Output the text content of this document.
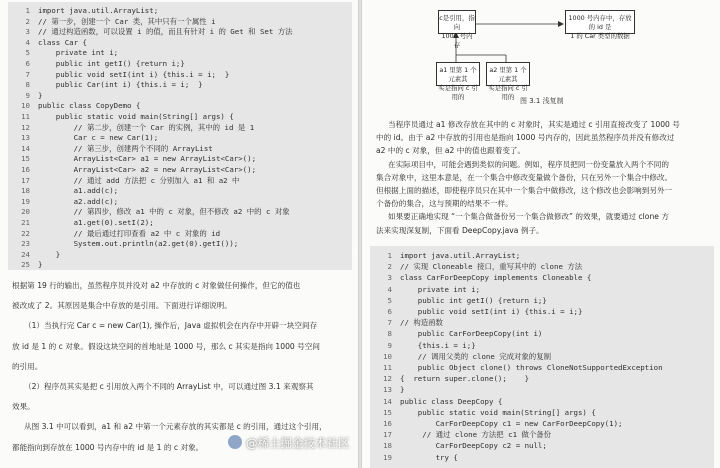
1 import java.util.ArrayList;
2 // 第一步，创建一个 Car 类，其中只有一个属性 i
3 // 通过构造函数，可以设置 i 的值，而且有针对 i 的 Get 和 Set 方法
4 class Car {
5    private int i;
6    public int getI() {return i;}
7    public void setI(int i) {this.i = i;  }
8    public Car(int i) {this.i = i;  }
9 }
10 public class CopyDemo {
11    public static void main(String[] args) {
12        // 第二步，创建一个 Car 的实例，其中的 id 是 1
13        Car c = new Car(1);
14        // 第三步，创建两个不同的 ArrayList
15        ArrayList<Car> a1 = new ArrayList<Car>();
16        ArrayList<Car> a2 = new ArrayList<Car>();
17        // 通过 add 方法把 c 分别加入 a1 和 a2 中
18        a1.add(c);
19        a2.add(c);
20        // 第四步，修改 a1 中的 c 对象，但不修改 a2 中的 c 对象
21        a1.get(0).setI(2);
22        // 最后通过打印查看 a2 中 c 对象的 id
23        System.out.println(a2.get(0).getI());
24    }
25 }
根据第 19 行的输出，虽然程序员并没对 a2 中存放的 c 对象做任何操作，但它的值也
被改成了 2。其原因是集合中存放的是引用。下面进行详细说明。
（1）当执行完 Car c = new Car(1), 操作后，Java 虚拟机会在内存中开辟一块空间存
放 id 是 1 的 c 对象。假设这块空间的首地址是 1000 号，那么 c 其实是指向 1000 号空间
的引用。
（2）程序员其实是把 c 引用放入两个不同的 ArrayList 中，可以通过图 3.1 来观察其
效果。
从图 3.1 中可以看到，a1 和 a2 中第一个元素存放的其实都是 c 的引用，通过这个引用，
都能指向到存放在 1000 号内存中的 id 是 1 的 c 对象。
c是引用，指向
1000 号内存
1000 号内存中，存放的 id 是
1 的 Car 类型的数据
a1 里第 1 个元素其
实是指向 c 引用的
a2 里第 1 个元素其
实是指向 c 引用的 图 3.1 浅复制
当程序员通过 a1 修改存放在其中的 c 对象时，其实是通过 c 引用直接改变了 1000 号
中的 id。由于 a2 中存放的引用也是指向 1000 号内存的，因此虽然程序员并没有修改过
a2 中的 c 对象，但 a2 中的值也跟着变了。
在实际项目中，可能会遇到类似的问题。例如，程序员把同一份变量放入两个不同的
集合对象中，这里本意是，在一个集合中修改变量做个备份，只在另外一个集合中修改。
但根据上面的描述，即使程序员只在其中一个集合中做修改，这个修改也会影响到另外一
个备份的集合，这与预期的结果不一样。
如果要正确地实现 “一个集合做备份另一个集合做修改” 的效果，就要通过 clone 方
法来实现深复制，下面看 DeepCopy.java 例子。
1 import java.util.ArrayList;
2 // 实现 Cloneable 接口，重写其中的 clone 方法
3 class CarForDeepCopy implements Cloneable {
4    private int i;
5    public int getI() {return i;}
6    public void setI(int i) {this.i = i;}
7 // 构造函数
8    public CarForDeepCopy(int i)
9    {this.i = i;}
10    // 调用父类的 clone 完成对象的复制
11    public Object clone() throws CloneNotSupportedException
12 {  return super.clone();    }
13 }
14 public class DeepCopy {
15    public static void main(String[] args) {
16        CarForDeepCopy c1 = new CarForDeepCopy(1);
17     // 通过 clone 方法把 c1 做个备份
18        CarForDeepCopy c2 = null;
19        try {
@稀土掘金技术社区
